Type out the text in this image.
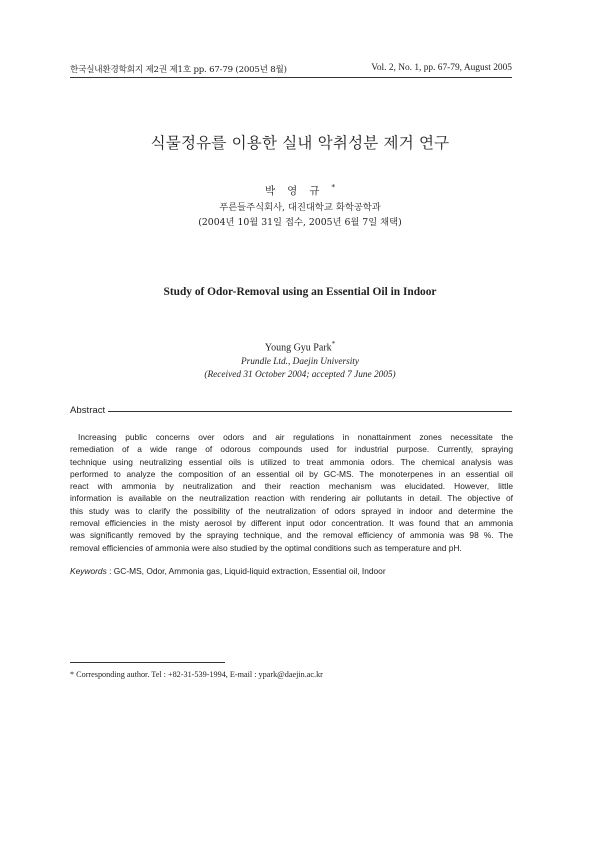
한국실내환경학회지 제2권 제1호 pp. 67-79 (2005년 8월)	Vol. 2, No. 1, pp. 67-79, August 2005
식물정유를 이용한 실내 악취성분 제거 연구
박영규*
푸른들주식회사, 대진대학교 화학공학과
(2004년 10월 31일 접수, 2005년 6월 7일 채택)
Study of Odor-Removal using an Essential Oil in Indoor
Young Gyu Park*
Prundle Ltd., Daejin University
(Received 31 October 2004; accepted 7 June 2005)
Abstract
Increasing public concerns over odors and air regulations in nonattainment zones necessitate the
remediation of a wide range of odorous compounds used for industrial purpose. Currently, spraying
technique using neutralizing essential oils is utilized to treat ammonia odors. The chemical analysis was
performed to analyze the composition of an essential oil by GC-MS. The monoterpenes in an essential oil
react with ammonia by neutralization and their reaction mechanism was elucidated. However, little
information is available on the neutralization reaction with rendering air pollutants in detail. The objective of
this study was to clarify the possibility of the neutralization of odors sprayed in indoor and determine the
removal efficiencies in the misty aerosol by different input odor concentration. It was found that an ammonia
was significantly removed by the spraying technique, and the removal efficiency of ammonia was 98 %. The
removal efficiencies of ammonia were also studied by the optimal conditions such as temperature and pH.
Keywords : GC-MS, Odor, Ammonia gas, Liquid-liquid extraction, Essential oil, Indoor
* Corresponding author. Tel : +82-31-539-1994, E-mail : ypark@daejin.ac.kr
